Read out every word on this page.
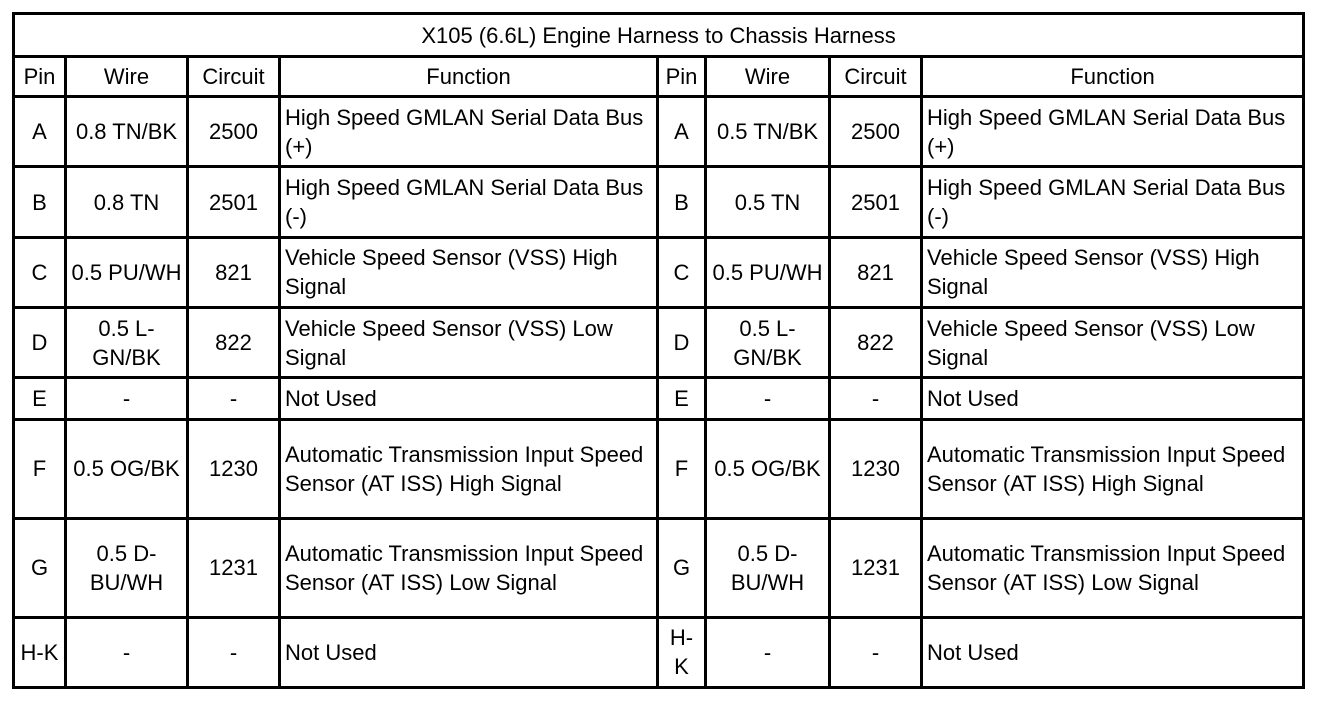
X105 (6.6L) Engine Harness to Chassis Harness							
Pin	Wire	Circuit	Function	Pin	Wire	Circuit	Function
A	0.8 TN/BK	2500	High Speed GMLAN Serial Data Bus (+)	A	0.5 TN/BK	2500	High Speed GMLAN Serial Data Bus (+)
B	0.8 TN	2501	High Speed GMLAN Serial Data Bus (-)	B	0.5 TN	2501	High Speed GMLAN Serial Data Bus (-)
C	0.5 PU/WH	821	Vehicle Speed Sensor (VSS) High Signal	C	0.5 PU/WH	821	Vehicle Speed Sensor (VSS) High Signal
D	0.5 L-GN/BK	822	Vehicle Speed Sensor (VSS) Low Signal	D	0.5 L-GN/BK	822	Vehicle Speed Sensor (VSS) Low Signal
E	-	-	Not Used	E	-	-	Not Used
F	0.5 OG/BK	1230	Automatic Transmission Input Speed Sensor (AT ISS) High Signal	F	0.5 OG/BK	1230	Automatic Transmission Input Speed Sensor (AT ISS) High Signal
G	0.5 D-BU/WH	1231	Automatic Transmission Input Speed Sensor (AT ISS) Low Signal	G	0.5 D-BU/WH	1231	Automatic Transmission Input Speed Sensor (AT ISS) Low Signal
H-K	-	-	Not Used	H-K	-	-	Not Used
